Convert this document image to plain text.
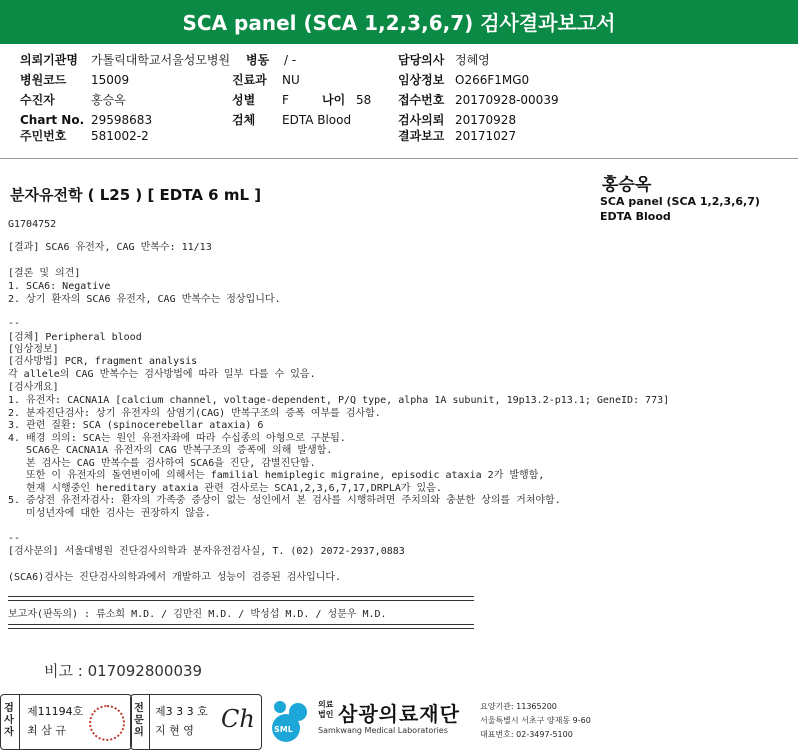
SCA panel (SCA 1,2,3,6,7) 검사결과보고서
의뢰기관명 가톨릭대학교서울성모병원
병원코드 15009
수진자	홍승옥
Chart No. 29598683
주민번호 581002-2
병동 / -
진료과 NU
성별 F	나이 58
검체 EDTA Blood
담당의사 정혜영
임상정보 O266F1MG0
접수번호 20170928-00039
검사의뢰 20170928
결과보고 20171027
분자유전학 ( L25 ) [ EDTA 6 mL ]	홍승옥
SCA panel (SCA 1,2,3,6,7)
EDTA Blood
G1704752
[결과] SCA6 유전자, CAG 반복수: 11/13
[결론 및 의견]
1. SCA6: Negative
2. 상기 환자의 SCA6 유전자, CAG 반복수는 정상입니다.
--
[검체] Peripheral blood
[임상정보]
[검사방법] PCR, fragment analysis
각 allele의 CAG 반복수는 검사방법에 따라 일부 다를 수 있음.
[검사개요]
1. 유전자: CACNA1A [calcium channel, voltage-dependent, P/Q type, alpha 1A subunit, 19p13.2-p13.1; GeneID: 773]
2. 분자진단검사: 상기 유전자의 삼염기(CAG) 반복구조의 증폭 여부를 검사함.
3. 관련 질환: SCA (spinocerebellar ataxia) 6
4. 배경 의의: SCA는 원인 유전자좌에 따라 수십종의 아형으로 구분됨.
SCA6은 CACNA1A 유전자의 CAG 반복구조의 증폭에 의해 발생함.
본 검사는 CAG 반복수를 검사하여 SCA6을 진단, 감별진단함.
또한 이 유전자의 돌연변이에 의해서는 familial hemiplegic migraine, episodic ataxia 2가 발행함,
현재 시행중인 hereditary ataxia 관련 검사로는 SCA1,2,3,6,7,17,DRPLA가 있음.
5. 증상전 유전자검사: 환자의 가족중 증상이 없는 성인에서 본 검사를 시행하려면 주치의와 충분한 상의를 거쳐야함.
미성년자에 대한 검사는 권장하지 않음.
--
[검사문의] 서울대병원 진단검사의학과 분자유전검사실, T. (02) 2072-2937,0883
(SCA6)검사는 진단검사의학과에서 개발하고 성능이 검증된 검사입니다.
보고자(판독의) : 류소희 M.D. / 김만진 M.D. / 박성섭 M.D. / 성문우 M.D.
비고 : 017092800039
검사자
제11194호
최 삼 규
전문의
제3 3 3 호
지 현 영 Ch SML
의료
법인 삼광의료재단
Samkwang Medical Laboratories
요양기관: 11365200
서울특별시 서초구 양재동 9-60
대표번호: 02-3497-5100
